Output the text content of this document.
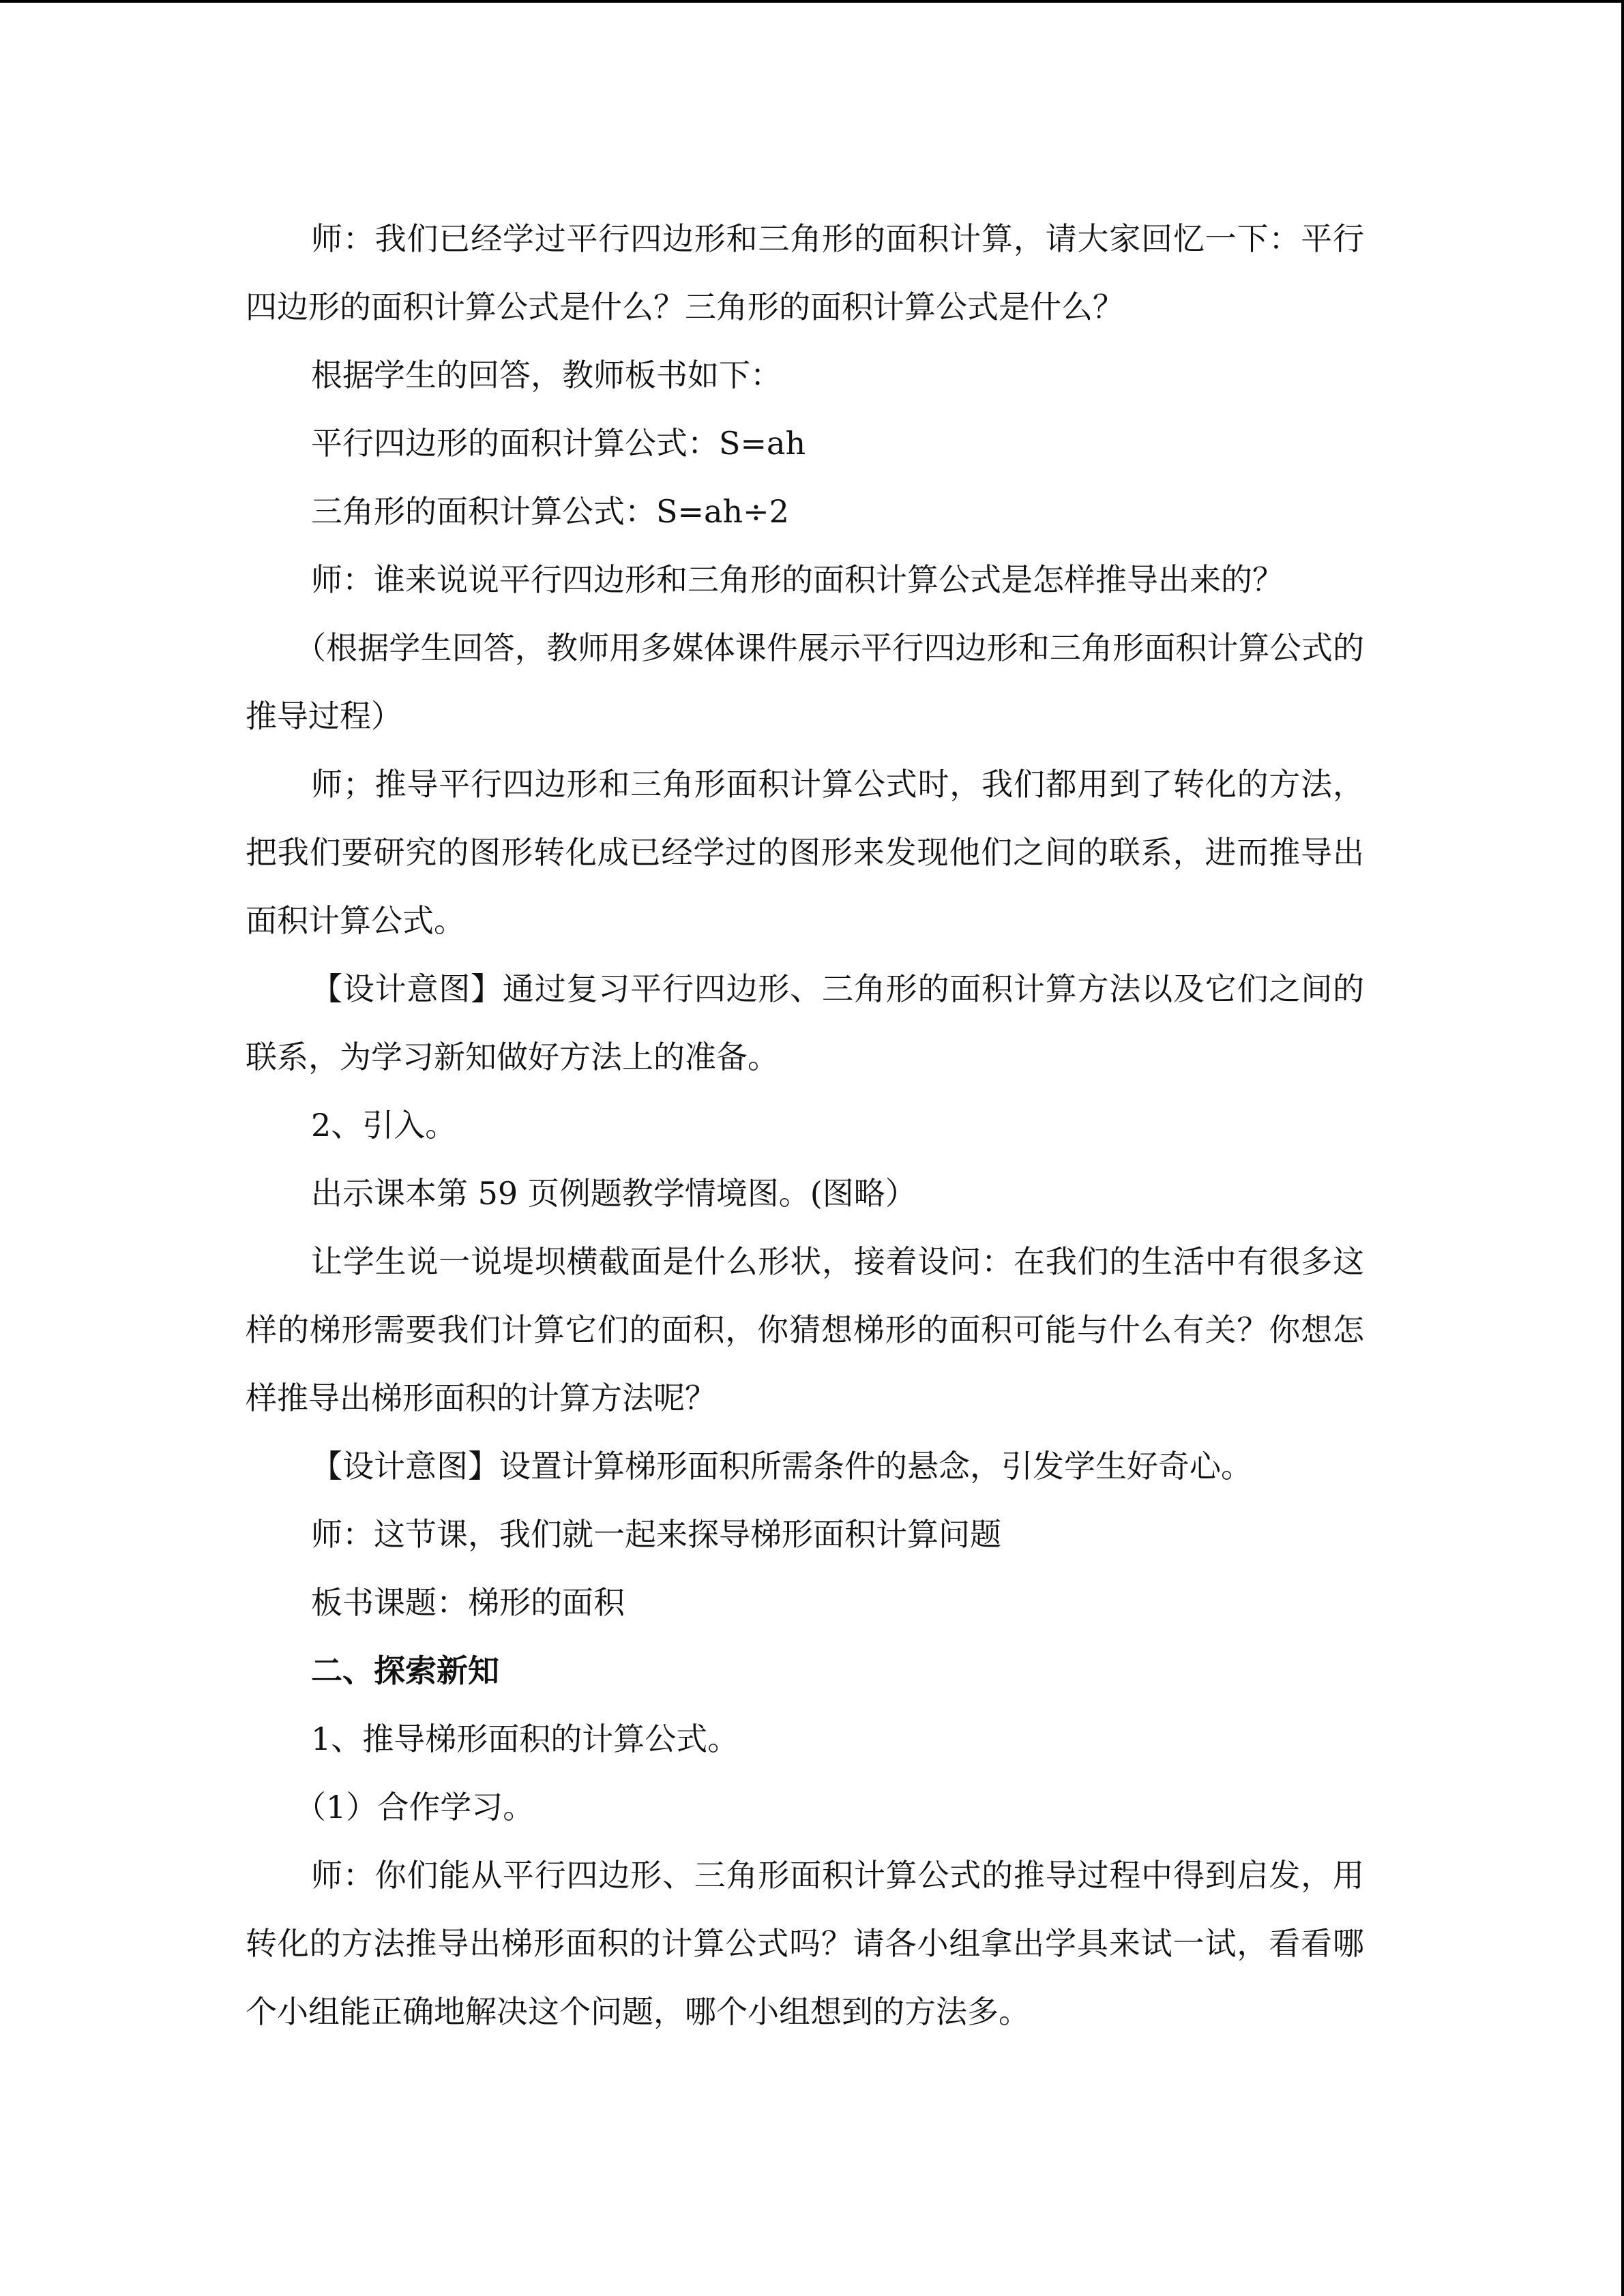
师：我们已经学过平行四边形和三角形的面积计算，请大家回忆一下：平行四边形的面积计算公式是什么？三角形的面积计算公式是什么？

根据学生的回答，教师板书如下：

平行四边形的面积计算公式：S=ah

三角形的面积计算公式：S=ah÷2

师：谁来说说平行四边形和三角形的面积计算公式是怎样推导出来的？

（根据学生回答，教师用多媒体课件展示平行四边形和三角形面积计算公式的推导过程）

师；推导平行四边形和三角形面积计算公式时，我们都用到了转化的方法，把我们要研究的图形转化成已经学过的图形来发现他们之间的联系，进而推导出面积计算公式。

【设计意图】通过复习平行四边形、三角形的面积计算方法以及它们之间的联系，为学习新知做好方法上的准备。

2、引入。

出示课本第 59 页例题教学情境图。(图略）

让学生说一说堤坝横截面是什么形状，接着设问：在我们的生活中有很多这样的梯形需要我们计算它们的面积，你猜想梯形的面积可能与什么有关？你想怎样推导出梯形面积的计算方法呢？

【设计意图】设置计算梯形面积所需条件的悬念，引发学生好奇心。

师：这节课，我们就一起来探导梯形面积计算问题

板书课题：梯形的面积

二、探索新知

1、推导梯形面积的计算公式。

（1）合作学习。

师：你们能从平行四边形、三角形面积计算公式的推导过程中得到启发，用转化的方法推导出梯形面积的计算公式吗？请各小组拿出学具来试一试，看看哪个小组能正确地解决这个问题，哪个小组想到的方法多。
